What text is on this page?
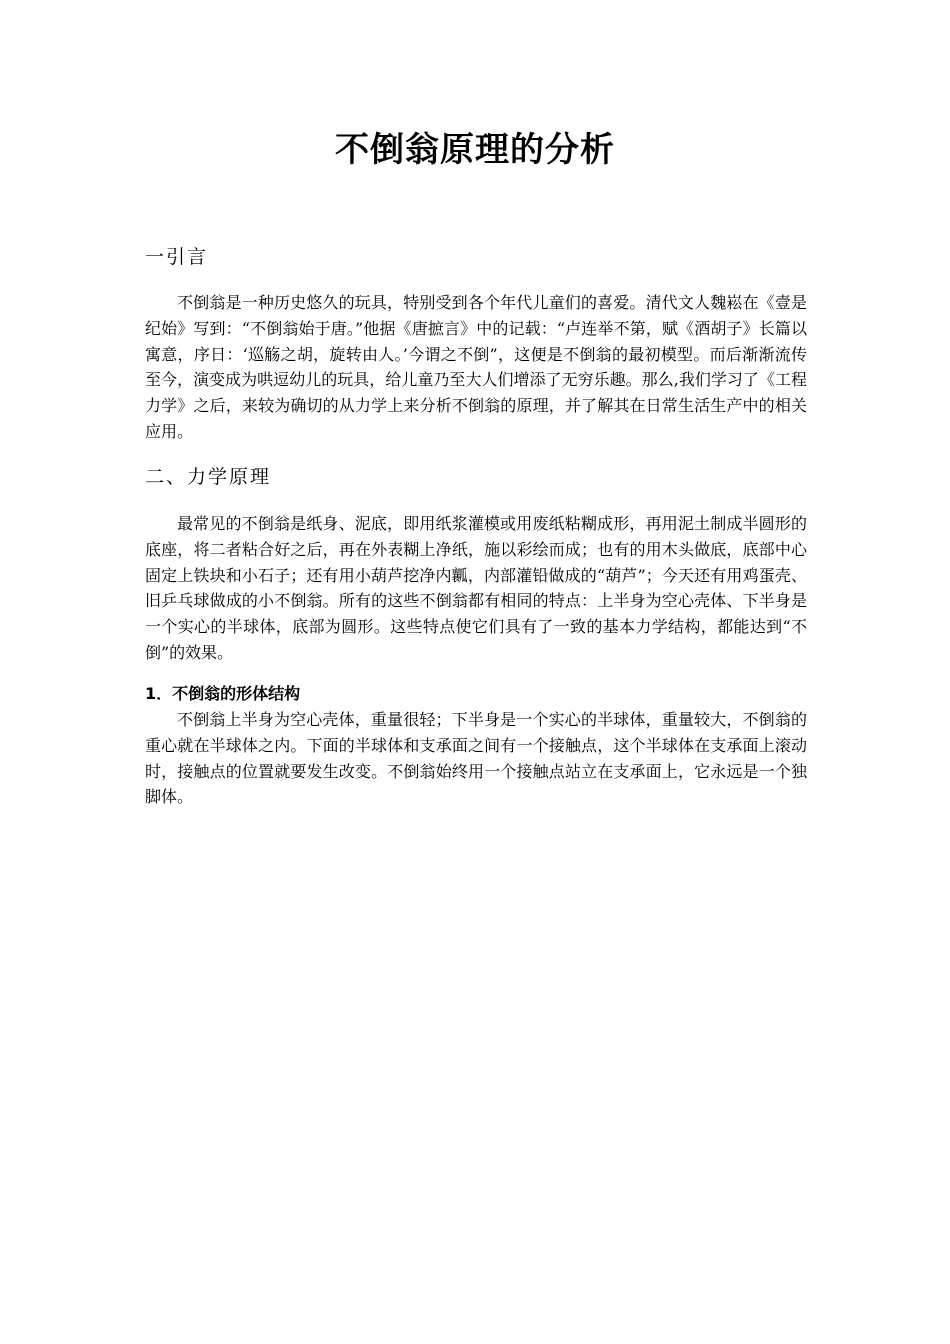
不倒翁原理的分析
一引言

不倒翁是一种历史悠久的玩具，特别受到各个年代儿童们的喜爱。清代文人魏崧在《壹是纪始》写到：“不倒翁始于唐。”他据《唐摭言》中的记载：“卢连举不第，赋《酒胡子》长篇以寓意，序日：‘巡觞之胡，旋转由人。’今谓之不倒”，这便是不倒翁的最初模型。而后渐渐流传至今，演变成为哄逗幼儿的玩具，给儿童乃至大人们增添了无穷乐趣。那么,我们学习了《工程力学》之后，来较为确切的从力学上来分析不倒翁的原理，并了解其在日常生活生产中的相关应用。

二、力学原理

最常见的不倒翁是纸身、泥底，即用纸浆灌模或用废纸粘糊成形，再用泥土制成半圆形的底座，将二者粘合好之后，再在外表糊上净纸，施以彩绘而成；也有的用木头做底，底部中心固定上铁块和小石子；还有用小葫芦挖净内瓤，内部灌铅做成的“葫芦”；今天还有用鸡蛋壳、旧乒乓球做成的小不倒翁。所有的这些不倒翁都有相同的特点：上半身为空心壳体、下半身是一个实心的半球体，底部为圆形。这些特点使它们具有了一致的基本力学结构，都能达到“不倒”的效果。

1．不倒翁的形体结构

不倒翁上半身为空心壳体，重量很轻；下半身是一个实心的半球体，重量较大，不倒翁的重心就在半球体之内。下面的半球体和支承面之间有一个接触点，这个半球体在支承面上滚动时，接触点的位置就要发生改变。不倒翁始终用一个接触点站立在支承面上，它永远是一个独脚体。
